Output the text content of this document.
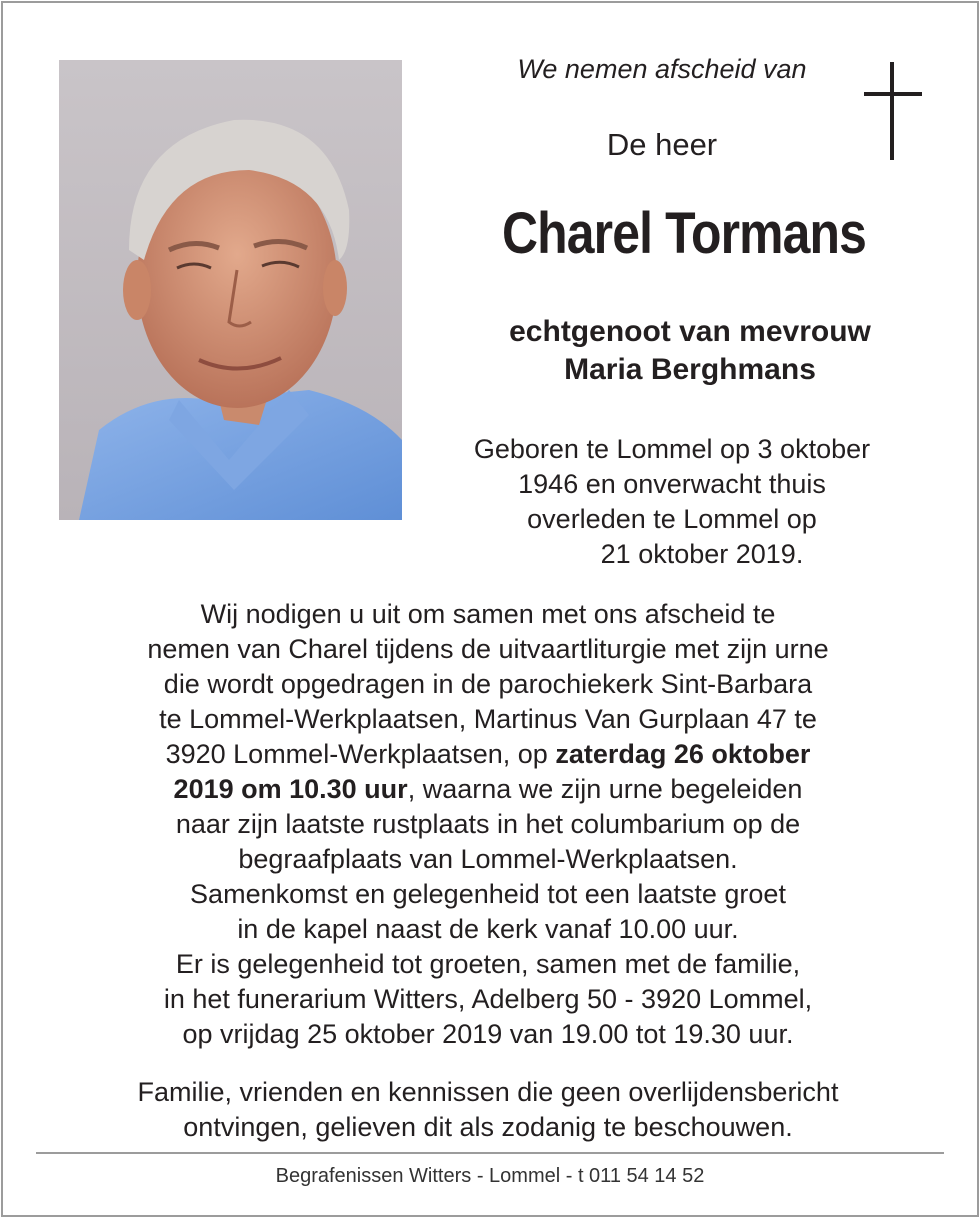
We nemen afscheid van
De heer
Charel Tormans
echtgenoot van mevrouw
Maria Berghmans
Geboren te Lommel op 3 oktober
1946 en onverwacht thuis
overleden te Lommel op
21 oktober 2019.
Wij nodigen u uit om samen met ons afscheid te
nemen van Charel tijdens de uitvaartliturgie met zijn urne
die wordt opgedragen in de parochiekerk Sint-Barbara
te Lommel-Werkplaatsen, Martinus Van Gurplaan 47 te
3920 Lommel-Werkplaatsen, op zaterdag 26 oktober
2019 om 10.30 uur, waarna we zijn urne begeleiden
naar zijn laatste rustplaats in het columbarium op de
begraafplaats van Lommel-Werkplaatsen.
Samenkomst en gelegenheid tot een laatste groet
in de kapel naast de kerk vanaf 10.00 uur.
Er is gelegenheid tot groeten, samen met de familie,
in het funerarium Witters, Adelberg 50 - 3920 Lommel,
op vrijdag 25 oktober 2019 van 19.00 tot 19.30 uur.
Familie, vrienden en kennissen die geen overlijdensbericht
ontvingen, gelieven dit als zodanig te beschouwen.
Begrafenissen Witters - Lommel - t 011 54 14 52
